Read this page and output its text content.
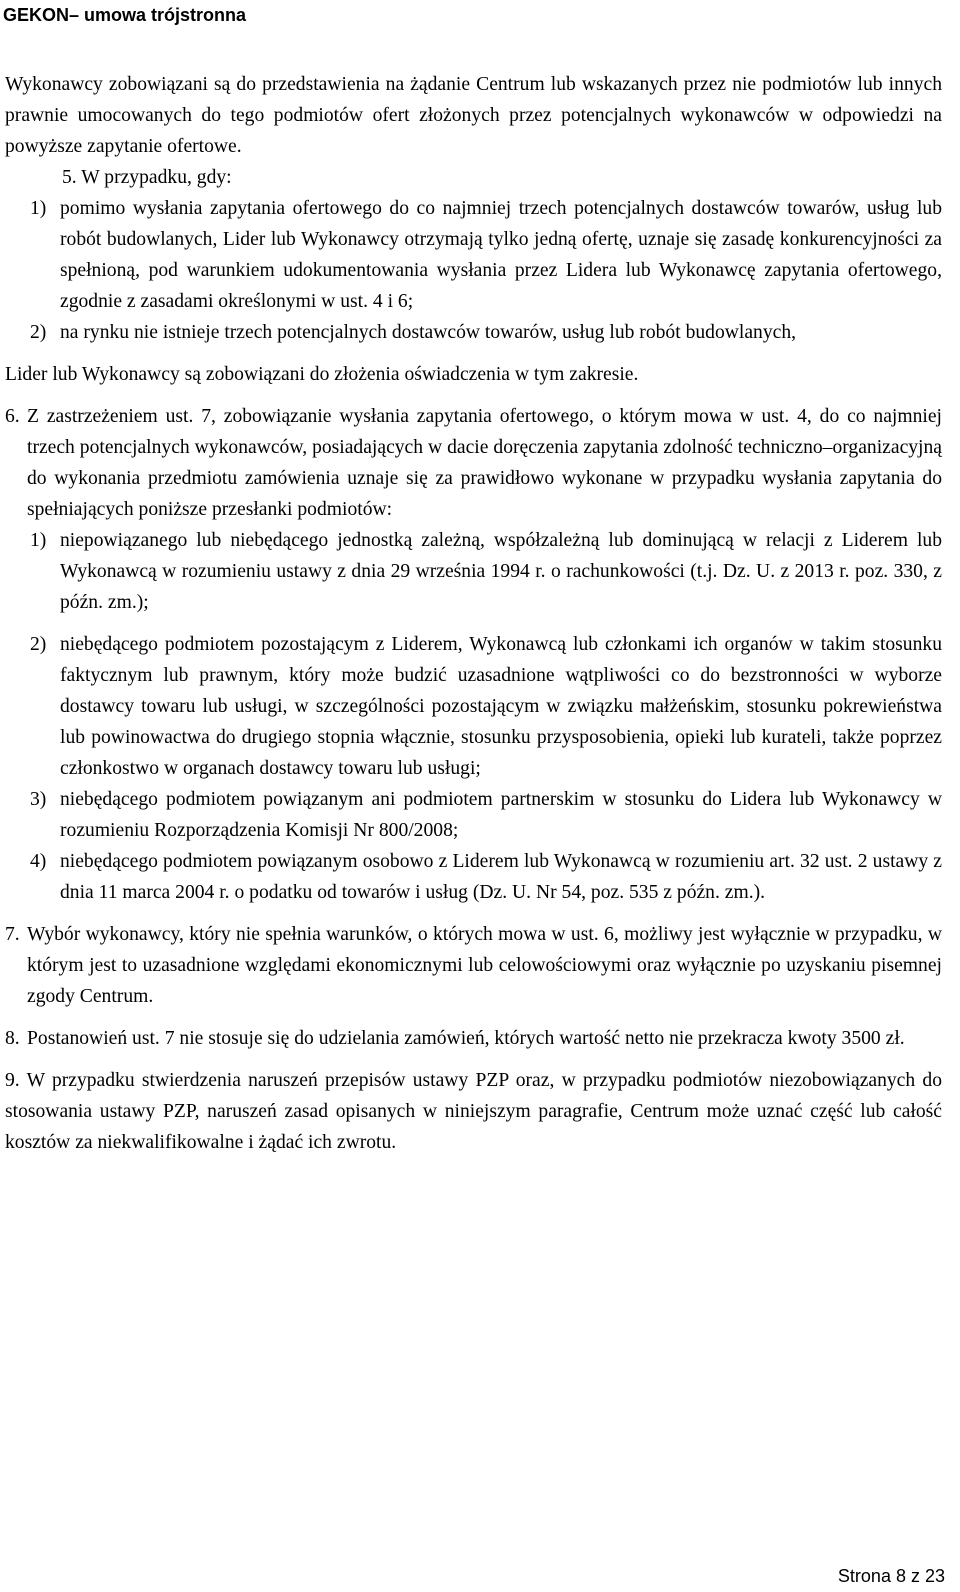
GEKON– umowa trójstronna

Wykonawcy zobowiązani są do przedstawienia na żądanie Centrum lub wskazanych przez nie podmiotów lub innych prawnie umocowanych do tego podmiotów ofert złożonych przez potencjalnych wykonawców w odpowiedzi na powyższe zapytanie ofertowe.

5. W przypadku, gdy:
1) pomimo wysłania zapytania ofertowego do co najmniej trzech potencjalnych dostawców towarów, usług lub robót budowlanych, Lider lub Wykonawcy otrzymają tylko jedną ofertę, uznaje się zasadę konkurencyjności za spełnioną, pod warunkiem udokumentowania wysłania przez Lidera lub Wykonawcę zapytania ofertowego, zgodnie z zasadami określonymi w ust. 4 i 6;
2) na rynku nie istnieje trzech potencjalnych dostawców towarów, usług lub robót budowlanych,

Lider lub Wykonawcy są zobowiązani do złożenia oświadczenia w tym zakresie.

6. Z zastrzeżeniem ust. 7, zobowiązanie wysłania zapytania ofertowego, o którym mowa w ust. 4, do co najmniej trzech potencjalnych wykonawców, posiadających w dacie doręczenia zapytania zdolność techniczno–organizacyjną do wykonania przedmiotu zamówienia uznaje się za prawidłowo wykonane w przypadku wysłania zapytania do spełniających poniższe przesłanki podmiotów:
1) niepowiązanego lub niebędącego jednostką zależną, współzależną lub dominującą w relacji z Liderem lub Wykonawcą w rozumieniu ustawy z dnia 29 września 1994 r. o rachunkowości (t.j. Dz. U. z 2013 r. poz. 330, z późn. zm.);
2) niebędącego podmiotem pozostającym z Liderem, Wykonawcą lub członkami ich organów w takim stosunku faktycznym lub prawnym, który może budzić uzasadnione wątpliwości co do bezstronności w wyborze dostawcy towaru lub usługi, w szczególności pozostającym w związku małżeńskim, stosunku pokrewieństwa lub powinowactwa do drugiego stopnia włącznie, stosunku przysposobienia, opieki lub kurateli, także poprzez członkostwo w organach dostawcy towaru lub usługi;
3) niebędącego podmiotem powiązanym ani podmiotem partnerskim w stosunku do Lidera lub Wykonawcy w rozumieniu Rozporządzenia Komisji Nr 800/2008;
4) niebędącego podmiotem powiązanym osobowo z Liderem lub Wykonawcą w rozumieniu art. 32 ust. 2 ustawy z dnia 11 marca 2004 r. o podatku od towarów i usług (Dz. U. Nr 54, poz. 535 z późn. zm.).
7. Wybór wykonawcy, który nie spełnia warunków, o których mowa w ust. 6, możliwy jest wyłącznie w przypadku, w którym jest to uzasadnione względami ekonomicznymi lub celowościowymi oraz wyłącznie po uzyskaniu pisemnej zgody Centrum.
8. Postanowień ust. 7 nie stosuje się do udzielania zamówień, których wartość netto nie przekracza kwoty 3500 zł.
9. W przypadku stwierdzenia naruszeń przepisów ustawy PZP oraz, w przypadku podmiotów niezobowiązanych do stosowania ustawy PZP, naruszeń zasad opisanych w niniejszym paragrafie, Centrum może uznać część lub całość kosztów za niekwalifikowalne i żądać ich zwrotu.
Strona 8 z 23
